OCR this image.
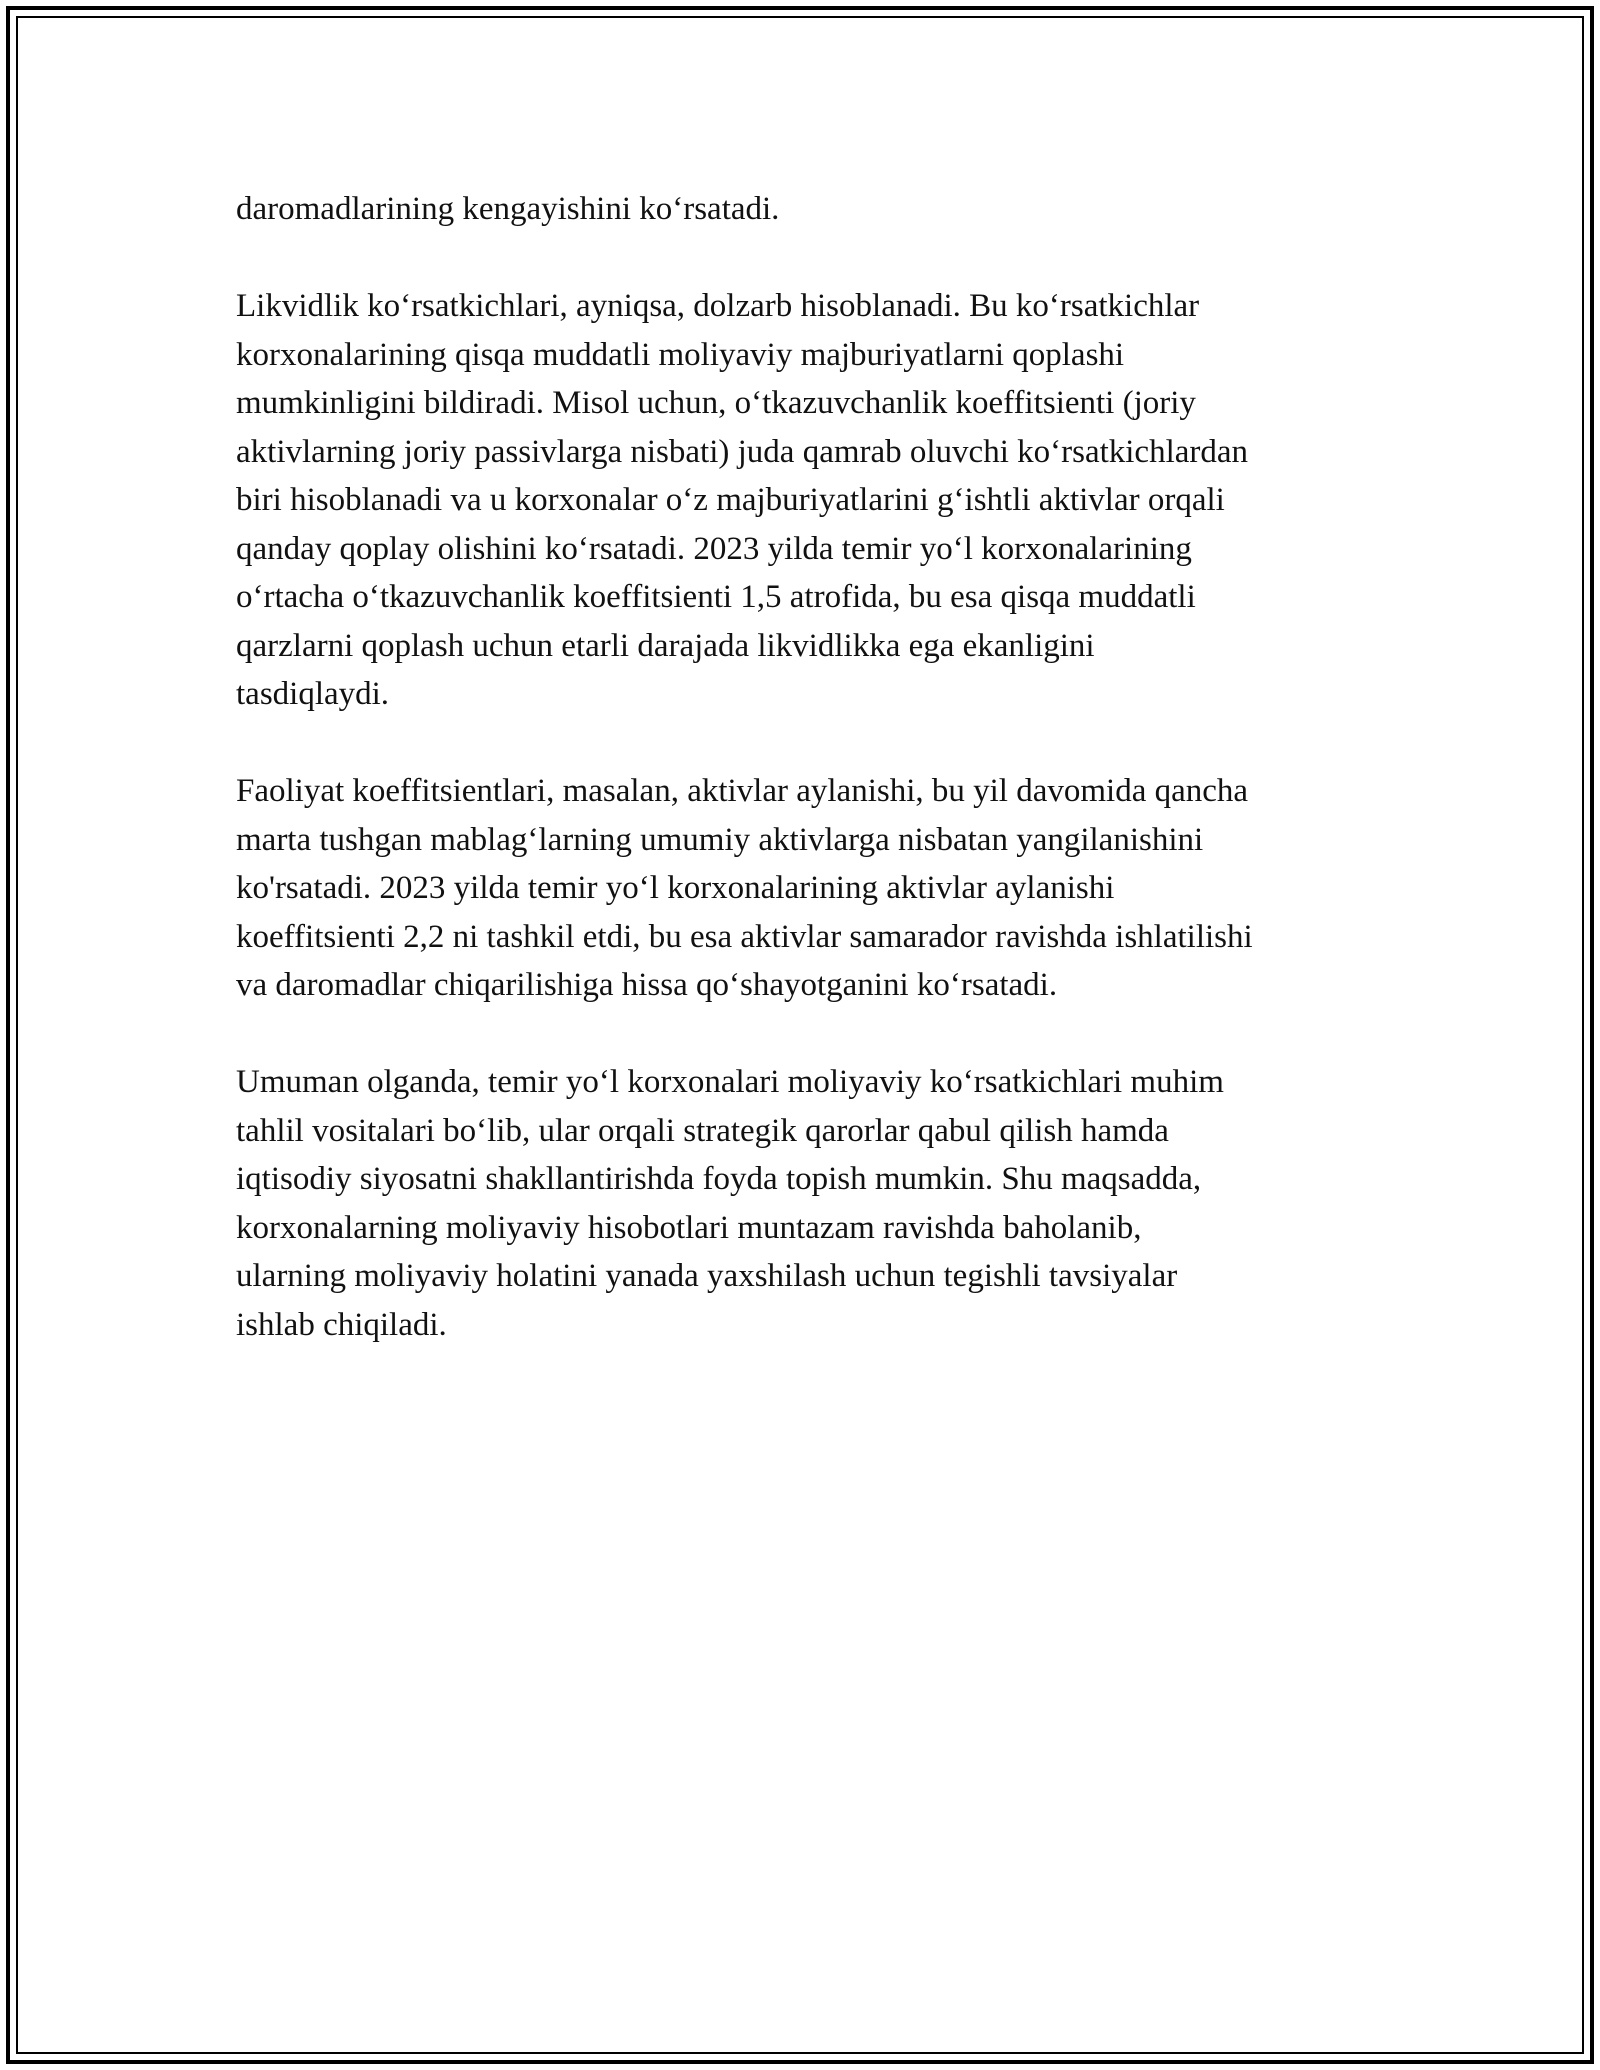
daromadlarining kengayishini ko‘rsatadi.

Likvidlik ko‘rsatkichlari, ayniqsa, dolzarb hisoblanadi. Bu ko‘rsatkichlar
korxonalarining qisqa muddatli moliyaviy majburiyatlarni qoplashi
mumkinligini bildiradi. Misol uchun, o‘tkazuvchanlik koeffitsienti (joriy
aktivlarning joriy passivlarga nisbati) juda qamrab oluvchi ko‘rsatkichlardan
biri hisoblanadi va u korxonalar o‘z majburiyatlarini g‘ishtli aktivlar orqali
qanday qoplay olishini ko‘rsatadi. 2023 yilda temir yo‘l korxonalarining
o‘rtacha o‘tkazuvchanlik koeffitsienti 1,5 atrofida, bu esa qisqa muddatli
qarzlarni qoplash uchun etarli darajada likvidlikka ega ekanligini
tasdiqlaydi.

Faoliyat koeffitsientlari, masalan, aktivlar aylanishi, bu yil davomida qancha
marta tushgan mablag‘larning umumiy aktivlarga nisbatan yangilanishini
ko'rsatadi. 2023 yilda temir yo‘l korxonalarining aktivlar aylanishi
koeffitsienti 2,2 ni tashkil etdi, bu esa aktivlar samarador ravishda ishlatilishi
va daromadlar chiqarilishiga hissa qo‘shayotganini ko‘rsatadi.

Umuman olganda, temir yo‘l korxonalari moliyaviy ko‘rsatkichlari muhim
tahlil vositalari bo‘lib, ular orqali strategik qarorlar qabul qilish hamda
iqtisodiy siyosatni shakllantirishda foyda topish mumkin. Shu maqsadda,
korxonalarning moliyaviy hisobotlari muntazam ravishda baholanib,
ularning moliyaviy holatini yanada yaxshilash uchun tegishli tavsiyalar
ishlab chiqiladi.
